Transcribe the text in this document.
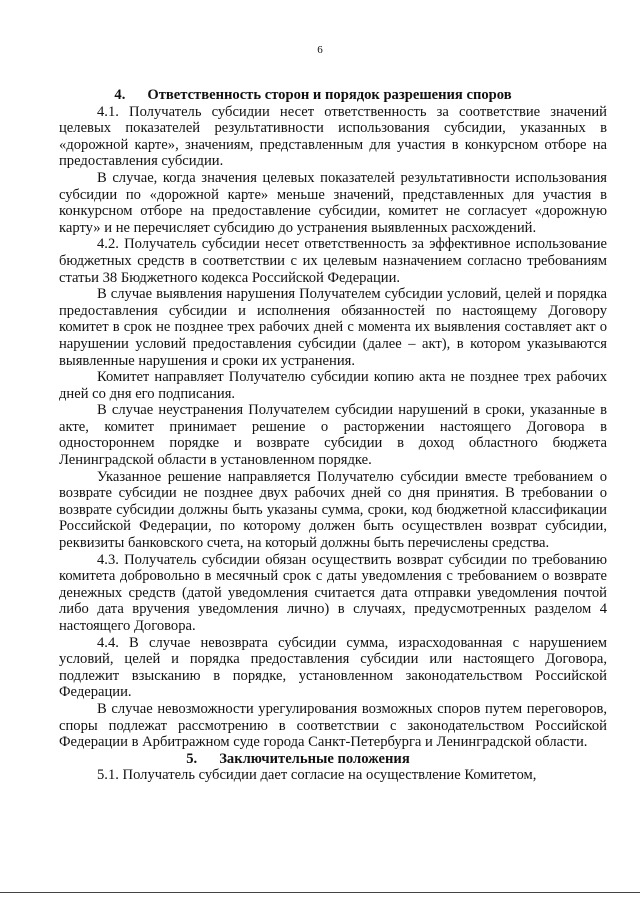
6
4. Ответственность сторон и порядок разрешения споров

4.1. Получатель субсидии несет ответственность за соответствие значений целевых показателей результативности использования субсидии, указанных в «дорожной карте», значениям, представленным для участия в конкурсном отборе на предоставления субсидии.

В случае, когда значения целевых показателей результативности использования субсидии по «дорожной карте» меньше значений, представленных для участия в конкурсном отборе на предоставление субсидии, комитет не согласует «дорожную карту» и не перечисляет субсидию до устранения выявленных расхождений.

4.2. Получатель субсидии несет ответственность за эффективное использование бюджетных средств в соответствии с их целевым назначением согласно требованиям статьи 38 Бюджетного кодекса Российской Федерации.

В случае выявления нарушения Получателем субсидии условий, целей и порядка предоставления субсидии и исполнения обязанностей по настоящему Договору комитет в срок не позднее трех рабочих дней с момента их выявления составляет акт о нарушении условий предоставления субсидии (далее – акт), в котором указываются выявленные нарушения и сроки их устранения.

Комитет направляет Получателю субсидии копию акта не позднее трех рабочих дней со дня его подписания.

В случае неустранения Получателем субсидии нарушений в сроки, указанные в акте, комитет принимает решение о расторжении настоящего Договора в одностороннем порядке и возврате субсидии в доход областного бюджета Ленинградской области в установленном порядке.

Указанное решение направляется Получателю субсидии вместе требованием о возврате субсидии не позднее двух рабочих дней со дня принятия. В требовании о возврате субсидии должны быть указаны сумма, сроки, код бюджетной классификации Российской Федерации, по которому должен быть осуществлен возврат субсидии, реквизиты банковского счета, на который должны быть перечислены средства.

4.3. Получатель субсидии обязан осуществить возврат субсидии по требованию комитета добровольно в месячный срок с даты уведомления с требованием о возврате денежных средств (датой уведомления считается дата отправки уведомления почтой либо дата вручения уведомления лично) в случаях, предусмотренных разделом 4 настоящего Договора.

4.4. В случае невозврата субсидии сумма, израсходованная с нарушением условий, целей и порядка предоставления субсидии или настоящего Договора, подлежит взысканию в порядке, установленном законодательством Российской Федерации.

В случае невозможности урегулирования возможных споров путем переговоров, споры подлежат рассмотрению в соответствии с законодательством Российской Федерации в Арбитражном суде города Санкт-Петербурга и Ленинградской области.

5. Заключительные положения

5.1. Получатель субсидии дает согласие на осуществление Комитетом,
